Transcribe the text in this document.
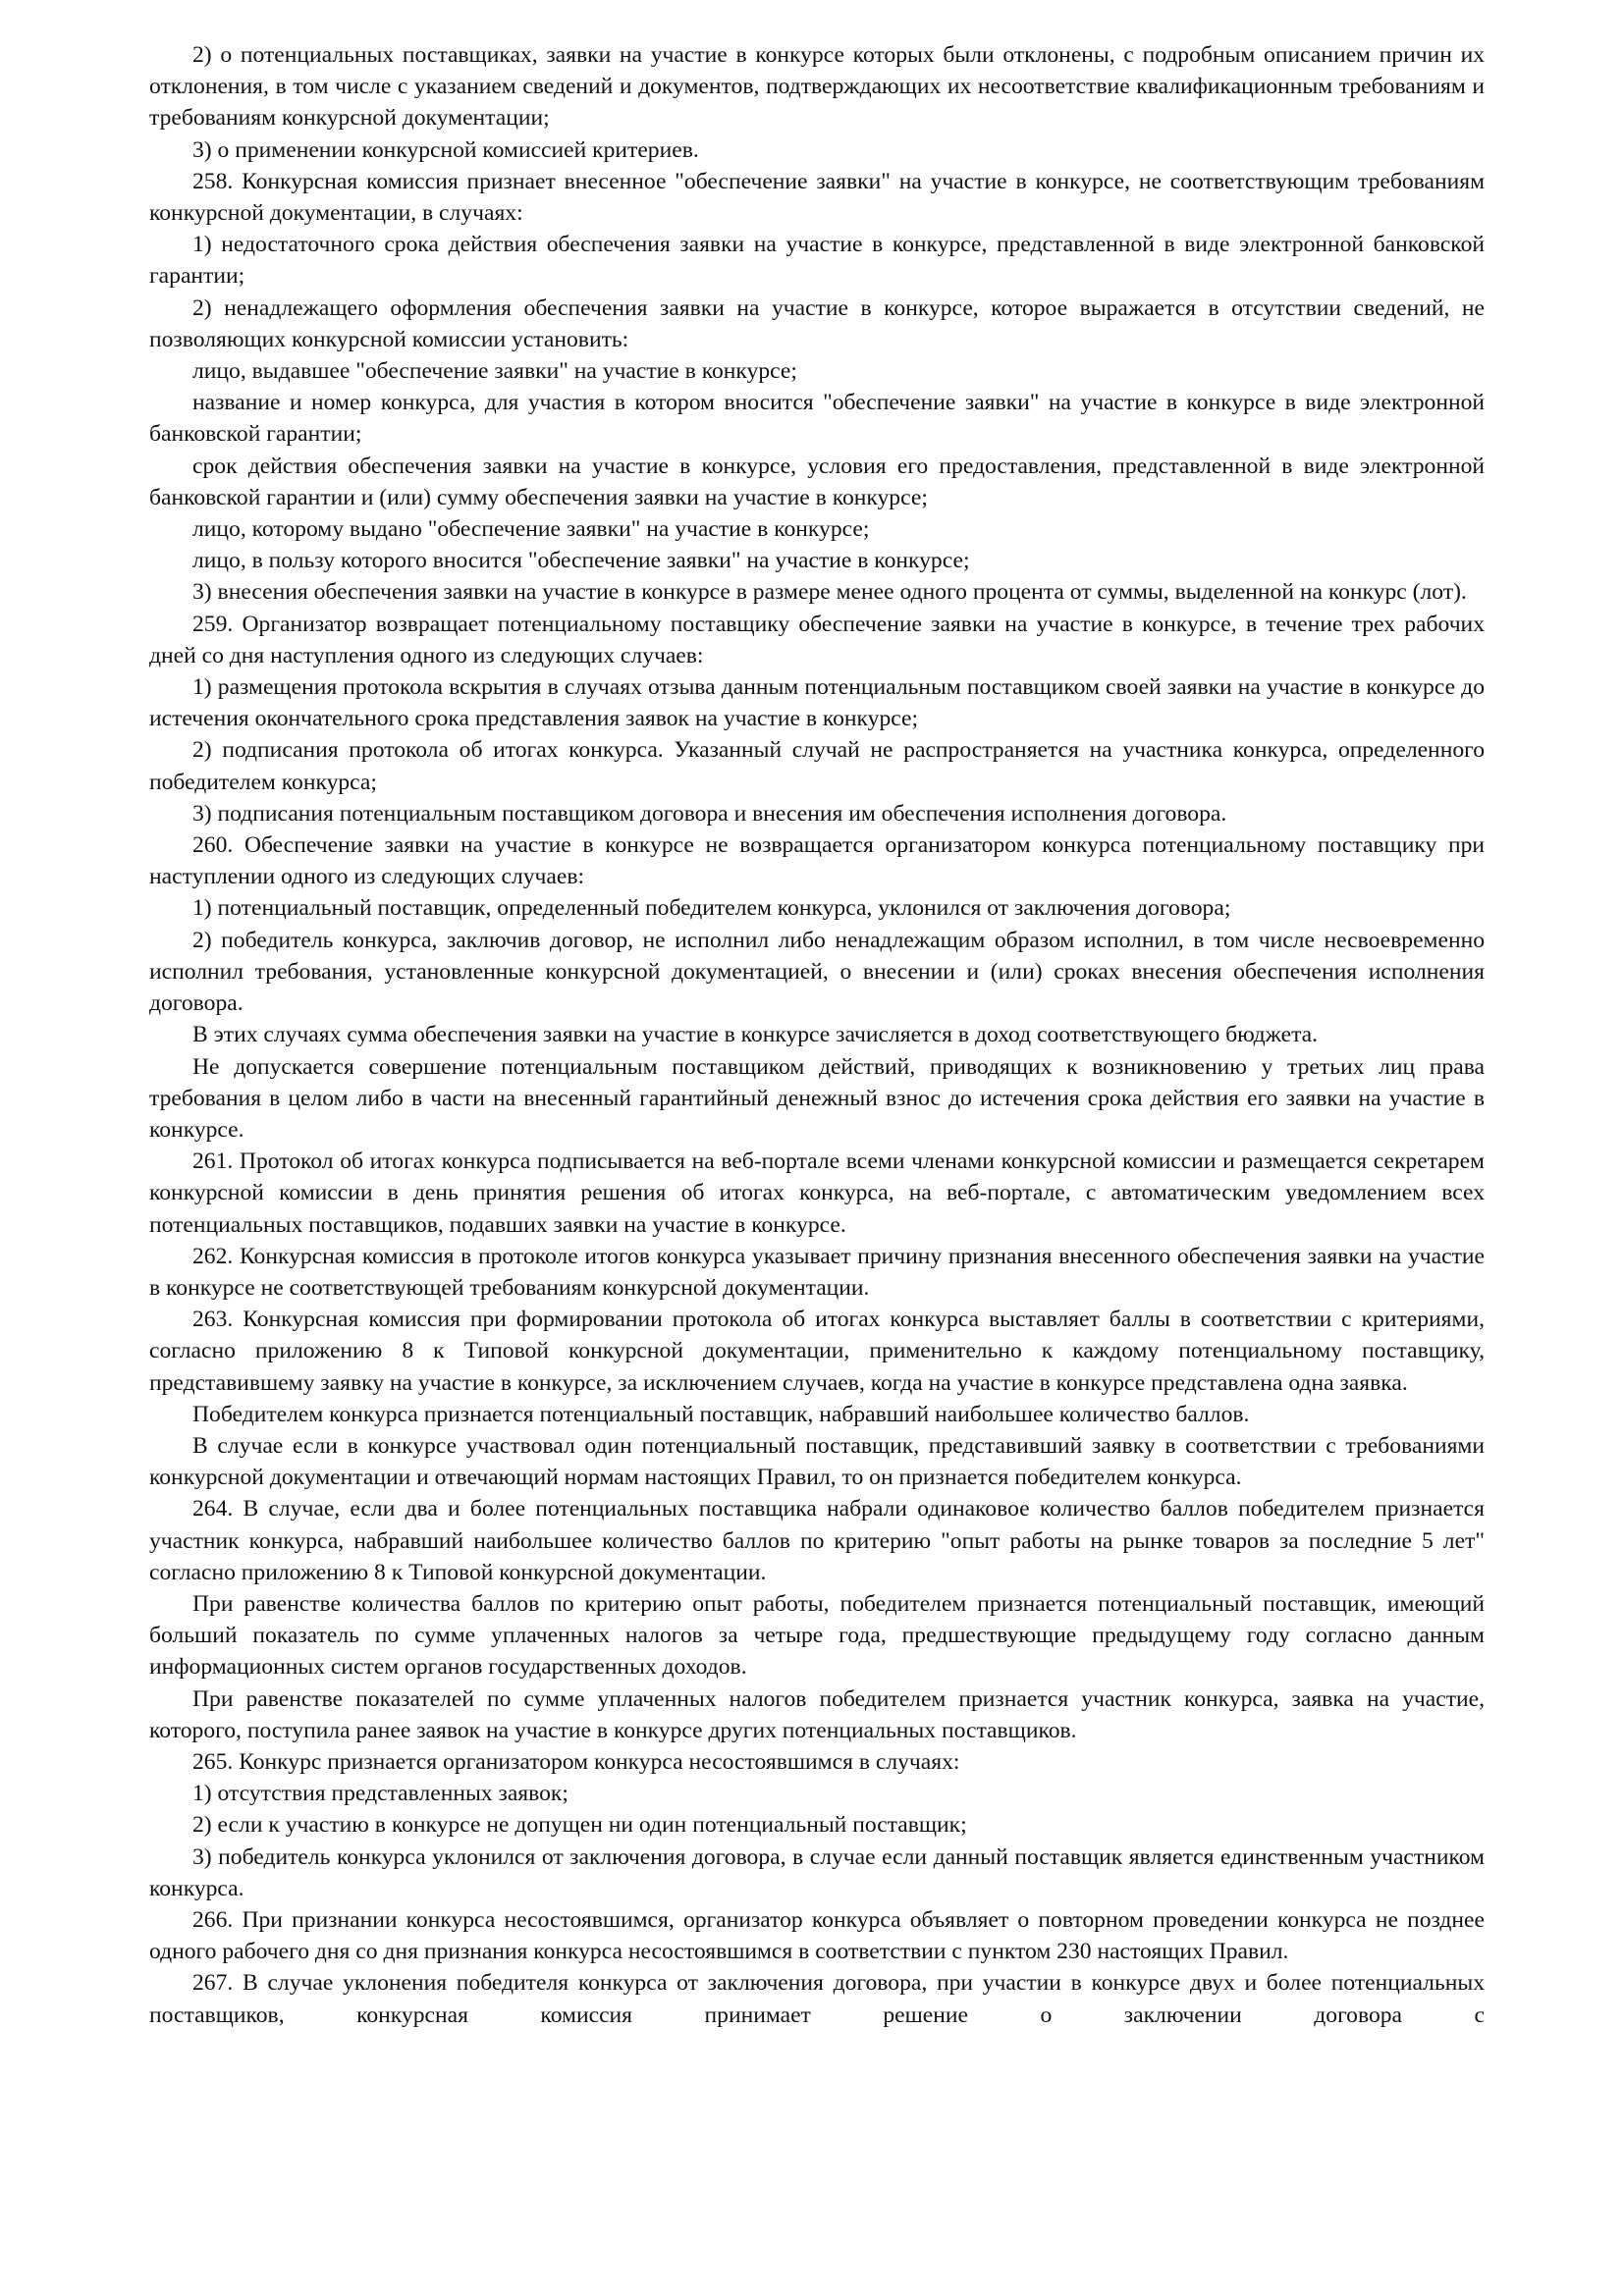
2) о потенциальных поставщиках, заявки на участие в конкурсе которых были отклонены, с подробным описанием причин их отклонения, в том числе с указанием сведений и документов, подтверждающих их несоответствие квалификационным требованиям и требованиям конкурсной документации;

3) о применении конкурсной комиссией критериев.

258. Конкурсная комиссия признает внесенное "обеспечение заявки" на участие в конкурсе, не соответствующим требованиям конкурсной документации, в случаях:

1) недостаточного срока действия обеспечения заявки на участие в конкурсе, представленной в виде электронной банковской гарантии;

2) ненадлежащего оформления обеспечения заявки на участие в конкурсе, которое выражается в отсутствии сведений, не позволяющих конкурсной комиссии установить:

лицо, выдавшее "обеспечение заявки" на участие в конкурсе;

название и номер конкурса, для участия в котором вносится "обеспечение заявки" на участие в конкурсе в виде электронной банковской гарантии;

срок действия обеспечения заявки на участие в конкурсе, условия его предоставления, представленной в виде электронной банковской гарантии и (или) сумму обеспечения заявки на участие в конкурсе;

лицо, которому выдано "обеспечение заявки" на участие в конкурсе;

лицо, в пользу которого вносится "обеспечение заявки" на участие в конкурсе;

3) внесения обеспечения заявки на участие в конкурсе в размере менее одного процента от суммы, выделенной на конкурс (лот).

259. Организатор возвращает потенциальному поставщику обеспечение заявки на участие в конкурсе, в течение трех рабочих дней со дня наступления одного из следующих случаев:

1) размещения протокола вскрытия в случаях отзыва данным потенциальным поставщиком своей заявки на участие в конкурсе до истечения окончательного срока представления заявок на участие в конкурсе;

2) подписания протокола об итогах конкурса. Указанный случай не распространяется на участника конкурса, определенного победителем конкурса;

3) подписания потенциальным поставщиком договора и внесения им обеспечения исполнения договора.

260. Обеспечение заявки на участие в конкурсе не возвращается организатором конкурса потенциальному поставщику при наступлении одного из следующих случаев:

1) потенциальный поставщик, определенный победителем конкурса, уклонился от заключения договора;

2) победитель конкурса, заключив договор, не исполнил либо ненадлежащим образом исполнил, в том числе несвоевременно исполнил требования, установленные конкурсной документацией, о внесении и (или) сроках внесения обеспечения исполнения договора.

В этих случаях сумма обеспечения заявки на участие в конкурсе зачисляется в доход соответствующего бюджета.

Не допускается совершение потенциальным поставщиком действий, приводящих к возникновению у третьих лиц права требования в целом либо в части на внесенный гарантийный денежный взнос до истечения срока действия его заявки на участие в конкурсе.

261. Протокол об итогах конкурса подписывается на веб-портале всеми членами конкурсной комиссии и размещается секретарем конкурсной комиссии в день принятия решения об итогах конкурса, на веб-портале, с автоматическим уведомлением всех потенциальных поставщиков, подавших заявки на участие в конкурсе.

262. Конкурсная комиссия в протоколе итогов конкурса указывает причину признания внесенного обеспечения заявки на участие в конкурсе не соответствующей требованиям конкурсной документации.

263. Конкурсная комиссия при формировании протокола об итогах конкурса выставляет баллы в соответствии с критериями, согласно приложению 8 к Типовой конкурсной документации, применительно к каждому потенциальному поставщику, представившему заявку на участие в конкурсе, за исключением случаев, когда на участие в конкурсе представлена одна заявка.

Победителем конкурса признается потенциальный поставщик, набравший наибольшее количество баллов.

В случае если в конкурсе участвовал один потенциальный поставщик, представивший заявку в соответствии с требованиями конкурсной документации и отвечающий нормам настоящих Правил, то он признается победителем конкурса.

264. В случае, если два и более потенциальных поставщика набрали одинаковое количество баллов победителем признается участник конкурса, набравший наибольшее количество баллов по критерию "опыт работы на рынке товаров за последние 5 лет" согласно приложению 8 к Типовой конкурсной документации.

При равенстве количества баллов по критерию опыт работы, победителем признается потенциальный поставщик, имеющий больший показатель по сумме уплаченных налогов за четыре года, предшествующие предыдущему году согласно данным информационных систем органов государственных доходов.

При равенстве показателей по сумме уплаченных налогов победителем признается участник конкурса, заявка на участие, которого, поступила ранее заявок на участие в конкурсе других потенциальных поставщиков.

265. Конкурс признается организатором конкурса несостоявшимся в случаях:

1) отсутствия представленных заявок;

2) если к участию в конкурсе не допущен ни один потенциальный поставщик;

3) победитель конкурса уклонился от заключения договора, в случае если данный поставщик является единственным участником конкурса.

266. При признании конкурса несостоявшимся, организатор конкурса объявляет о повторном проведении конкурса не позднее одного рабочего дня со дня признания конкурса несостоявшимся в соответствии с пунктом 230 настоящих Правил.

267. В случае уклонения победителя конкурса от заключения договора, при участии в конкурсе двух и более потенциальных поставщиков, конкурсная комиссия принимает решение о заключении договора с
